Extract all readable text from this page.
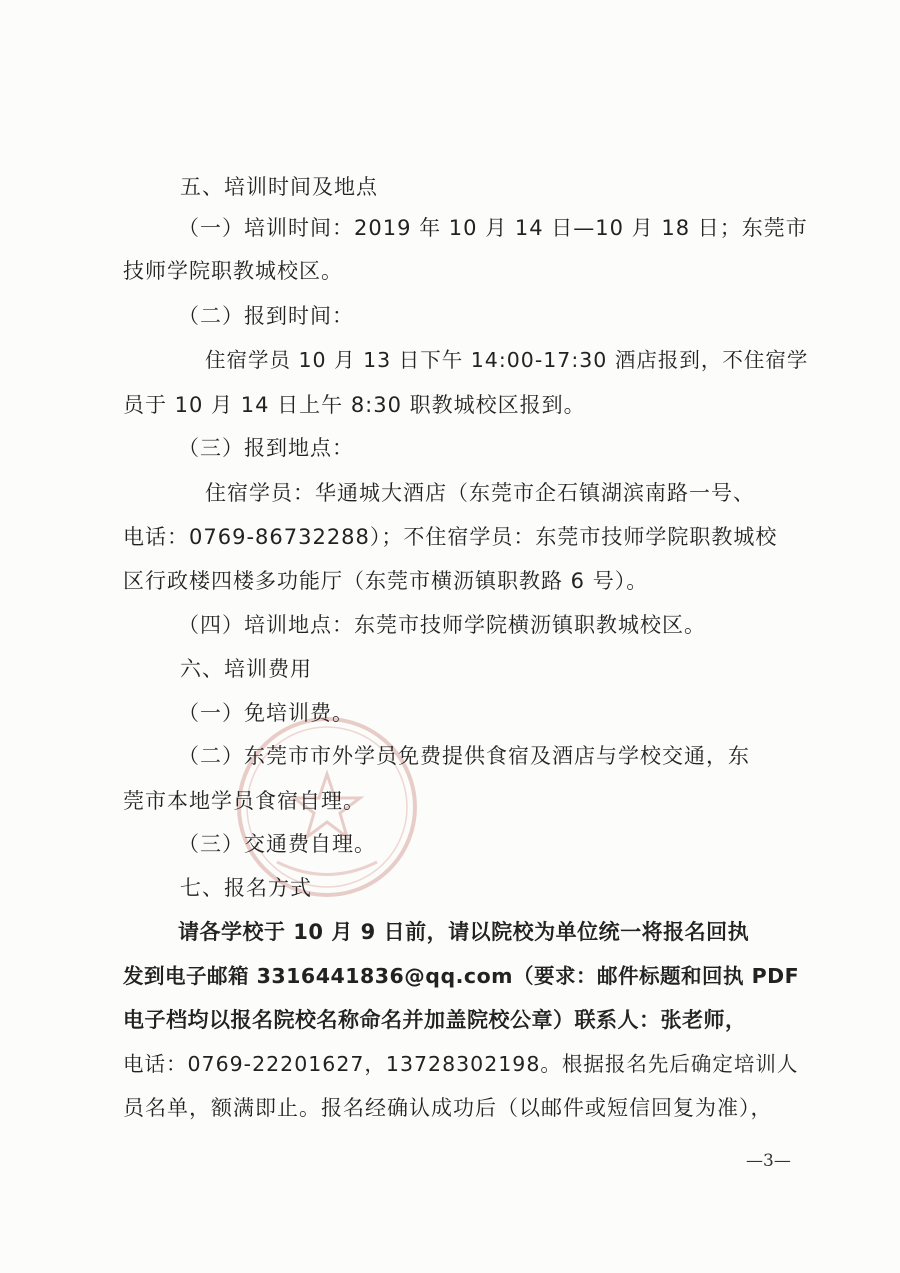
五、培训时间及地点
（一）培训时间：2019 年 10 月 14 日—10 月 18 日；东莞市
技师学院职教城校区。
（二）报到时间：
住宿学员 10 月 13 日下午 14:00-17:30 酒店报到，不住宿学
员于 10 月 14 日上午 8:30 职教城校区报到。
（三）报到地点：
住宿学员：华通城大酒店（东莞市企石镇湖滨南路一号、
电话：0769-86732288）；不住宿学员：东莞市技师学院职教城校
区行政楼四楼多功能厅（东莞市横沥镇职教路 6 号）。
（四）培训地点：东莞市技师学院横沥镇职教城校区。
六、培训费用
（一）免培训费。
（二）东莞市市外学员免费提供食宿及酒店与学校交通，东
莞市本地学员食宿自理。
（三）交通费自理。
七、报名方式
请各学校于 10 月 9 日前，请以院校为单位统一将报名回执
发到电子邮箱 3316441836@qq.com（要求：邮件标题和回执 PDF
电子档均以报名院校名称命名并加盖院校公章）联系人：张老师，
电话：0769-22201627，13728302198。根据报名先后确定培训人
员名单，额满即止。报名经确认成功后（以邮件或短信回复为准），
—3—
